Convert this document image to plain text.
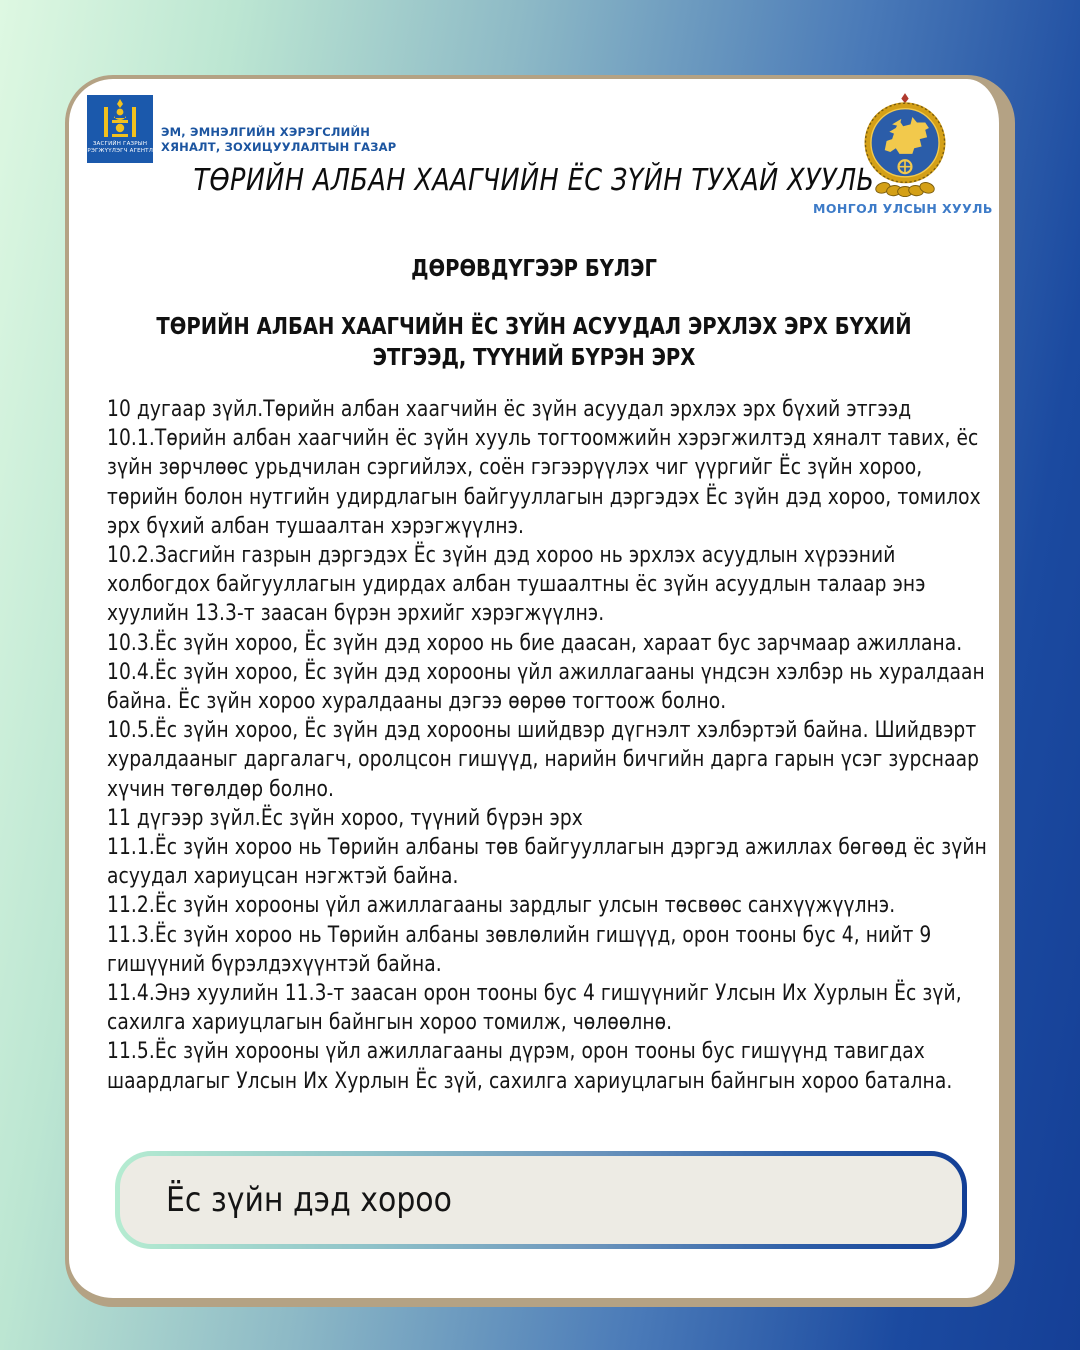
ЗАСГИЙН ГАЗРЫН
ХЭРЭГЖҮҮЛЭГЧ АГЕНТЛАГ
ЭМ, ЭМНЭЛГИЙН ХЭРЭГСЛИЙН
ХЯНАЛТ, ЗОХИЦУУЛАЛТЫН ГАЗАР
ТӨРИЙН АЛБАН ХААГЧИЙН ЁС ЗҮЙН ТУХАЙ ХУУЛЬ
МОНГОЛ УЛСЫН ХУУЛЬ
ДӨРӨВДҮГЭЭР БҮЛЭГ
ТӨРИЙН АЛБАН ХААГЧИЙН ЁС ЗҮЙН АСУУДАЛ ЭРХЛЭХ ЭРХ БҮХИЙ ЭТГЭЭД, ТҮҮНИЙ БҮРЭН ЭРХ

10 дугаар зүйл.Төрийн албан хаагчийн ёс зүйн асуудал эрхлэх эрх бүхий этгээд

10.1.Төрийн албан хаагчийн ёс зүйн хууль тогтоомжийн хэрэгжилтэд хяналт тавих, ёс зүйн зөрчлөөс урьдчилан сэргийлэх, соён гэгээрүүлэх чиг үүргийг Ёс зүйн хороо, төрийн болон нутгийн удирдлагын байгууллагын дэргэдэх Ёс зүйн дэд хороо, томилох эрх бүхий албан тушаалтан хэрэгжүүлнэ.

10.2.Засгийн газрын дэргэдэх Ёс зүйн дэд хороо нь эрхлэх асуудлын хүрээний холбогдох байгууллагын удирдах албан тушаалтны ёс зүйн асуудлын талаар энэ хуулийн 13.3-т заасан бүрэн эрхийг хэрэгжүүлнэ.

10.3.Ёс зүйн хороо, Ёс зүйн дэд хороо нь бие даасан, хараат бус зарчмаар ажиллана.

10.4.Ёс зүйн хороо, Ёс зүйн дэд хорооны үйл ажиллагааны үндсэн хэлбэр нь хуралдаан байна. Ёс зүйн хороо хуралдааны дэгээ өөрөө тогтоож болно.

10.5.Ёс зүйн хороо, Ёс зүйн дэд хорооны шийдвэр дүгнэлт хэлбэртэй байна. Шийдвэрт хуралдааныг даргалагч, оролцсон гишүүд, нарийн бичгийн дарга гарын үсэг зурснаар хүчин төгөлдөр болно.

11 дүгээр зүйл.Ёс зүйн хороо, түүний бүрэн эрх

11.1.Ёс зүйн хороо нь Төрийн албаны төв байгууллагын дэргэд ажиллах бөгөөд ёс зүйн асуудал хариуцсан нэгжтэй байна.

11.2.Ёс зүйн хорооны үйл ажиллагааны зардлыг улсын төсвөөс санхүүжүүлнэ.

11.3.Ёс зүйн хороо нь Төрийн албаны зөвлөлийн гишүүд, орон тооны бус 4, нийт 9 гишүүний бүрэлдэхүүнтэй байна.

11.4.Энэ хуулийн 11.3-т заасан орон тооны бус 4 гишүүнийг Улсын Их Хурлын Ёс зүй, сахилга хариуцлагын байнгын хороо томилж, чөлөөлнө.

11.5.Ёс зүйн хорооны үйл ажиллагааны дүрэм, орон тооны бус гишүүнд тавигдах шаардлагыг Улсын Их Хурлын Ёс зүй, сахилга хариуцлагын байнгын хороо батална.

Ёс зүйн дэд хороо
